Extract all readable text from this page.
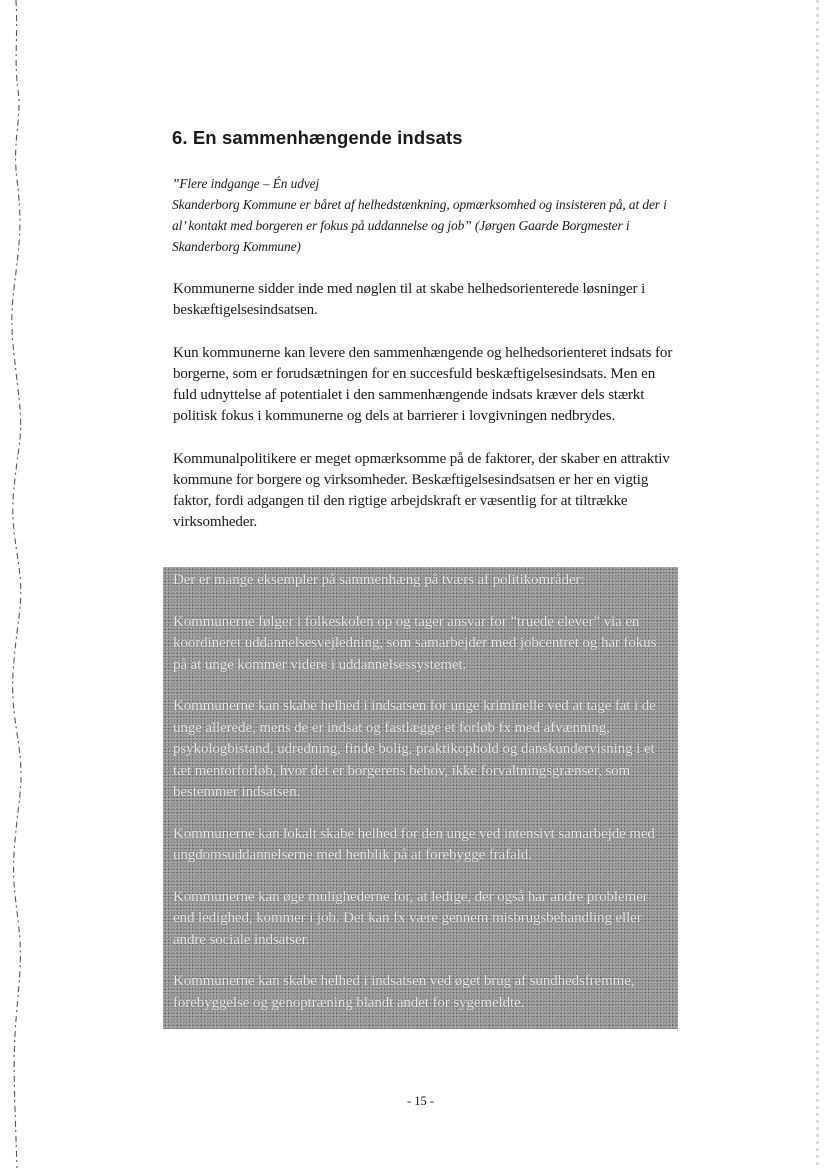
6. En sammenhængende indsats

”Flere indgange – Én udvej

Skanderborg Kommune er båret af helhedstænkning, opmærksomhed og insisteren på, at der i al’ kontakt med borgeren er fokus på uddannelse og job” (Jørgen Gaarde Borgmester i Skanderborg Kommune)

Kommunerne sidder inde med nøglen til at skabe helhedsorienterede løsninger i beskæftigelsesindsatsen.

Kun kommunerne kan levere den sammenhængende og helhedsorienteret indsats for borgerne, som er forudsætningen for en succesfuld beskæftigelsesindsats. Men en fuld udnyttelse af potentialet i den sammenhængende indsats kræver dels stærkt politisk fokus i kommunerne og dels at barrierer i lovgivningen nedbrydes.

Kommunalpolitikere er meget opmærksomme på de faktorer, der skaber en attraktiv kommune for borgere og virksomheder. Beskæftigelsesindsatsen er her en vigtig faktor, fordi adgangen til den rigtige arbejdskraft er væsentlig for at tiltrække virksomheder.

Der er mange eksempler på sammenhæng på tværs af politikområder:

Kommunerne følger i folkeskolen op og tager ansvar for ”truede elever” via en koordineret uddannelsesvejledning, som samarbejder med jobcentret og har fokus på at unge kommer videre i uddannelsessystemet.

Kommunerne kan skabe helhed i indsatsen for unge kriminelle ved at tage fat i de unge allerede, mens de er indsat og fastlægge et forløb fx med afvænning, psykologbistand, udredning, finde bolig, praktikophold og danskundervisning i et tæt mentorforløb, hvor det er borgerens behov, ikke forvaltningsgrænser, som bestemmer indsatsen.

Kommunerne kan lokalt skabe helhed for den unge ved intensivt samarbejde med ungdomsuddannelserne med henblik på at forebygge frafald.

Kommunerne kan øge mulighederne for, at ledige, der også har andre problemer end ledighed, kommer i job. Det kan fx være gennem misbrugsbehandling eller andre sociale indsatser.

Kommunerne kan skabe helhed i indsatsen ved øget brug af sundhedsfremme, forebyggelse og genoptræning blandt andet for sygemeldte.

- 15 -
